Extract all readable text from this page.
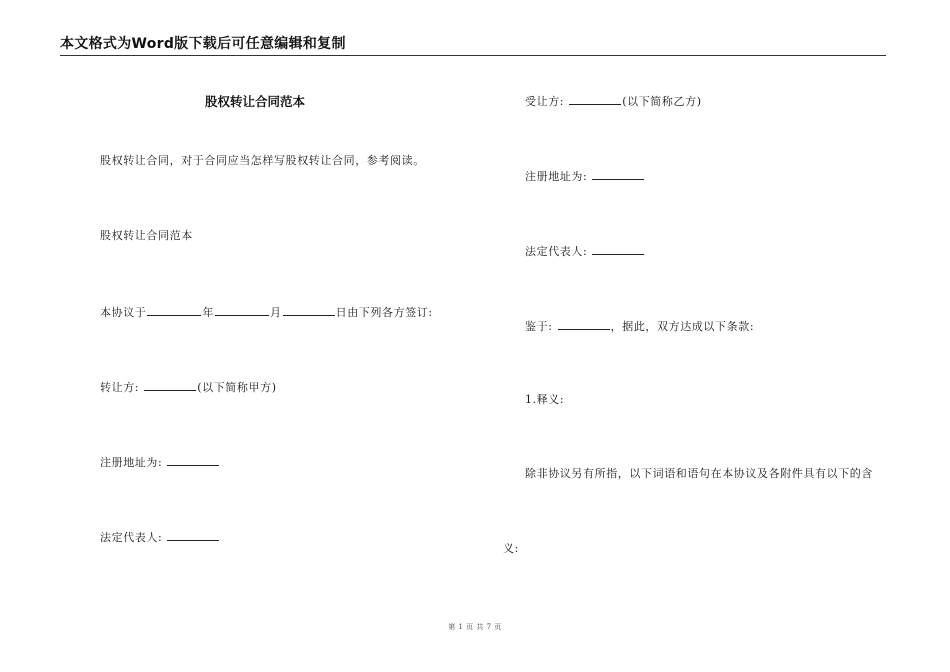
本文格式为Word版下载后可任意编辑和复制
股权转让合同范本
股权转让合同，对于合同应当怎样写股权转让合同，参考阅读。
股权转让合同范本
本协议于	年	月	日由下列各方签订:
转让方:	(以下简称甲方)
注册地址为:
法定代表人:
受让方:	(以下简称乙方)
注册地址为:
法定代表人:
鉴于:	，据此，双方达成以下条款:
1.释义:
除非协议另有所指，以下词语和语句在本协议及各附件具有以下的含
义:
第 1 页 共 7 页
